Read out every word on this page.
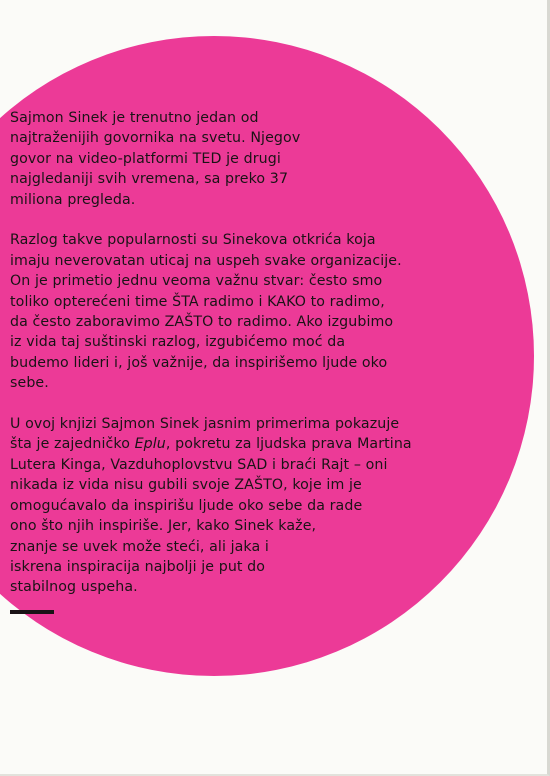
Sajmon Sinek je trenutno jedan od
najtraženijih govornika na svetu. Njegov
govor na video-platformi TED je drugi
najgledaniji svih vremena, sa preko 37
miliona pregleda.

Razlog takve popularnosti su Sinekova otkrića koja
imaju neverovatan uticaj na uspeh svake organizacije.
On je primetio jednu veoma važnu stvar: često smo
toliko opterećeni time ŠTA radimo i KAKO to radimo,
da često zaboravimo ZAŠTO to radimo. Ako izgubimo
iz vida taj suštinski razlog, izgubićemo moć da
budemo lideri i, još važnije, da inspirišemo ljude oko
sebe.

U ovoj knjizi Sajmon Sinek jasnim primerima pokazuje
šta je zajedničko Eplu, pokretu za ljudska prava Martina
Lutera Kinga, Vazduhoplovstvu SAD i braći Rajt – oni
nikada iz vida nisu gubili svoje ZAŠTO, koje im je
omogućavalo da inspirišu ljude oko sebe da rade
ono što njih inspiriše. Jer, kako Sinek kaže,
znanje se uvek može steći, ali jaka i
iskrena inspiracija najbolji je put do
stabilnog uspeha.
